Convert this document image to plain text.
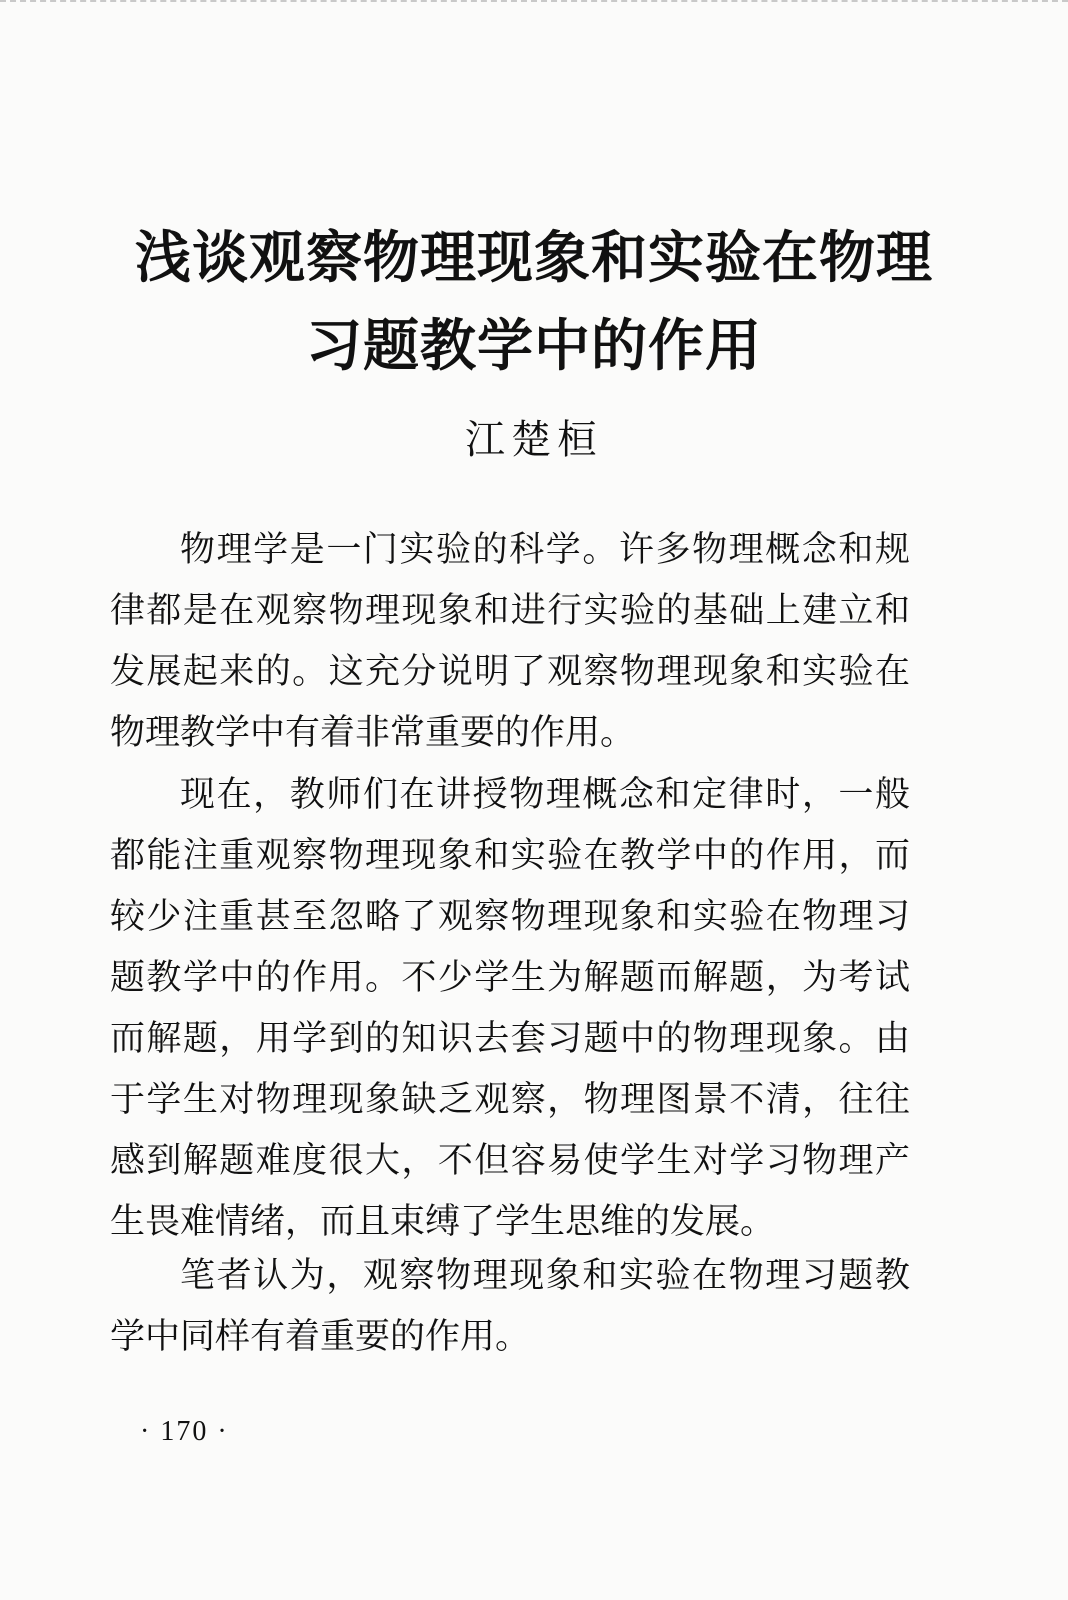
浅谈观察物理现象和实验在物理
习题教学中的作用
江楚桓

物理学是一门实验的科学。许多物理概念和规律都是在观察物理现象和进行实验的基础上建立和发展起来的。这充分说明了观察物理现象和实验在物理教学中有着非常重要的作用。

现在，教师们在讲授物理概念和定律时，一般都能注重观察物理现象和实验在教学中的作用，而较少注重甚至忽略了观察物理现象和实验在物理习题教学中的作用。不少学生为解题而解题，为考试而解题，用学到的知识去套习题中的物理现象。由于学生对物理现象缺乏观察，物理图景不清，往往感到解题难度很大，不但容易使学生对学习物理产生畏难情绪，而且束缚了学生思维的发展。

笔者认为，观察物理现象和实验在物理习题教学中同样有着重要的作用。

· 170 ·
